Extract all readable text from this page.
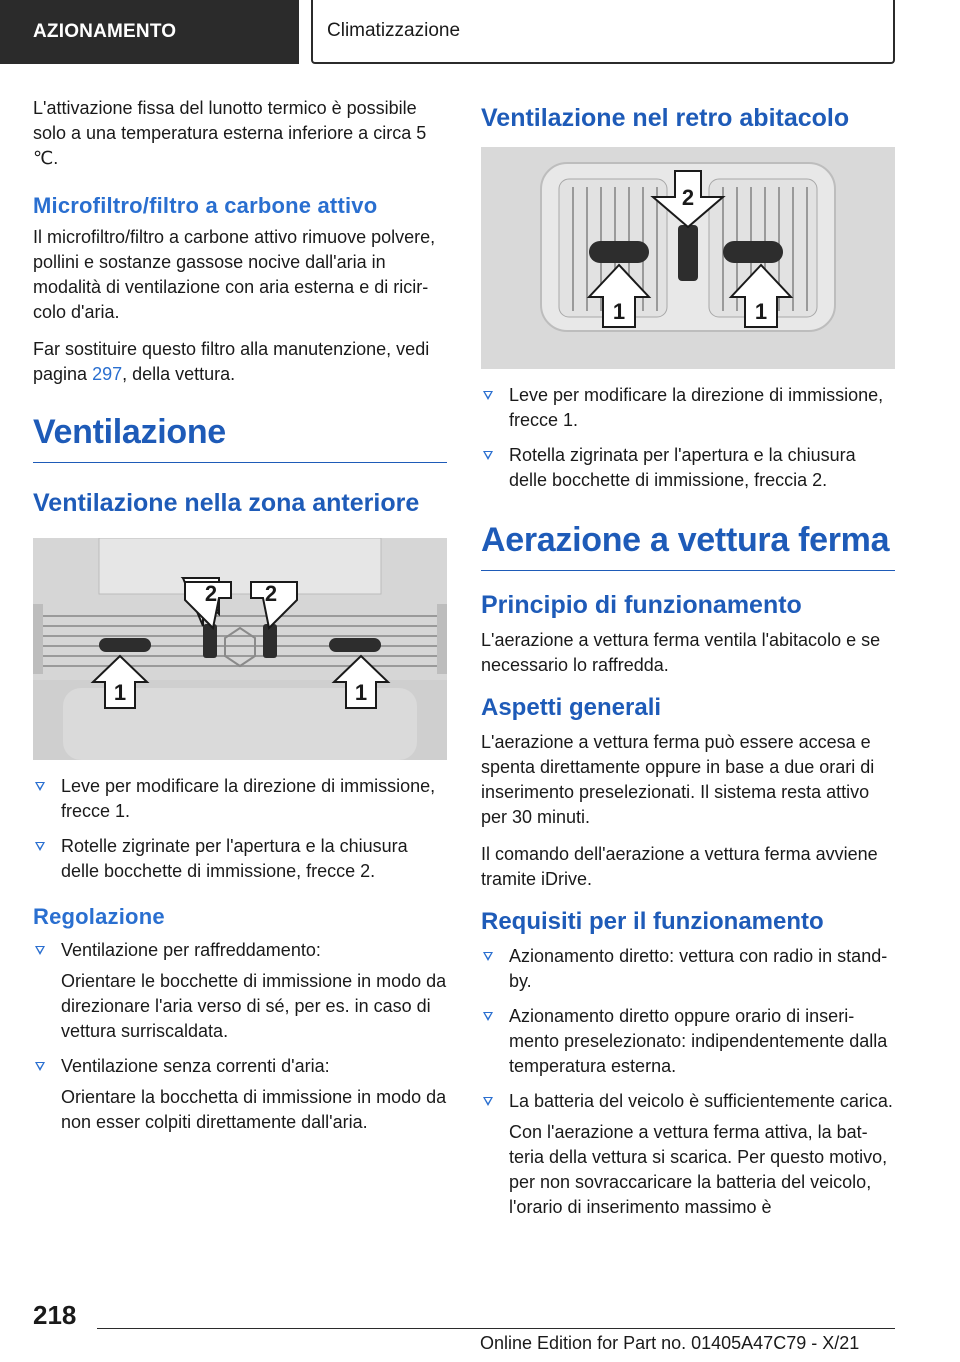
AZIONAMENTO	Climatizzazione

L'attivazione fissa del lunotto termico è possibile solo a una temperatura esterna inferiore a circa 5 ℃.

Microfiltro/filtro a carbone attivo

Il microfiltro/filtro a carbone attivo rimuove polvere, pollini e sostanze gassose nocive dall'aria in modalità di ventilazione con aria esterna e di ricircolo d'aria.

Far sostituire questo filtro alla manutenzione, vedi pagina 297, della vettura.

Ventilazione
Ventilazione nella zona anteriore
1	1
2 2
Leve per modificare la direzione di immissione, frecce 1.
Rotelle zigrinate per l'apertura e la chiusura delle bocchette di immissione, frecce 2.
Regolazione
Ventilazione per raffreddamento:

Orientare le bocchette di immissione in modo da direzionare l'aria verso di sé, per es. in caso di vettura surriscaldata.

Ventilazione senza correnti d'aria:

Orientare la bocchetta di immissione in modo da non esser colpiti direttamente dall'aria.

Ventilazione nel retro abitacolo
1	1
2
Leve per modificare la direzione di immissione, frecce 1.
Rotella zigrinata per l'apertura e la chiusura delle bocchette di immissione, freccia 2.
Aerazione a vettura ferma
Principio di funzionamento

L'aerazione a vettura ferma ventila l'abitacolo e se necessario lo raffredda.

Aspetti generali

L'aerazione a vettura ferma può essere accesa e spenta direttamente oppure in base a due orari di inserimento preselezionati. Il sistema resta attivo per 30 minuti.

Il comando dell'aerazione a vettura ferma avviene tramite iDrive.

Requisiti per il funzionamento
Azionamento diretto: vettura con radio in stand-by.
Azionamento diretto oppure orario di inserimento preselezionato: indipendentemente dalla temperatura esterna.
La batteria del veicolo è sufficientemente carica.

Con l'aerazione a vettura ferma attiva, la batteria della vettura si scarica. Per questo motivo, per non sovraccaricare la batteria del veicolo, l'orario di inserimento massimo è

218
Online Edition for Part no. 01405A47C79 - X/21
